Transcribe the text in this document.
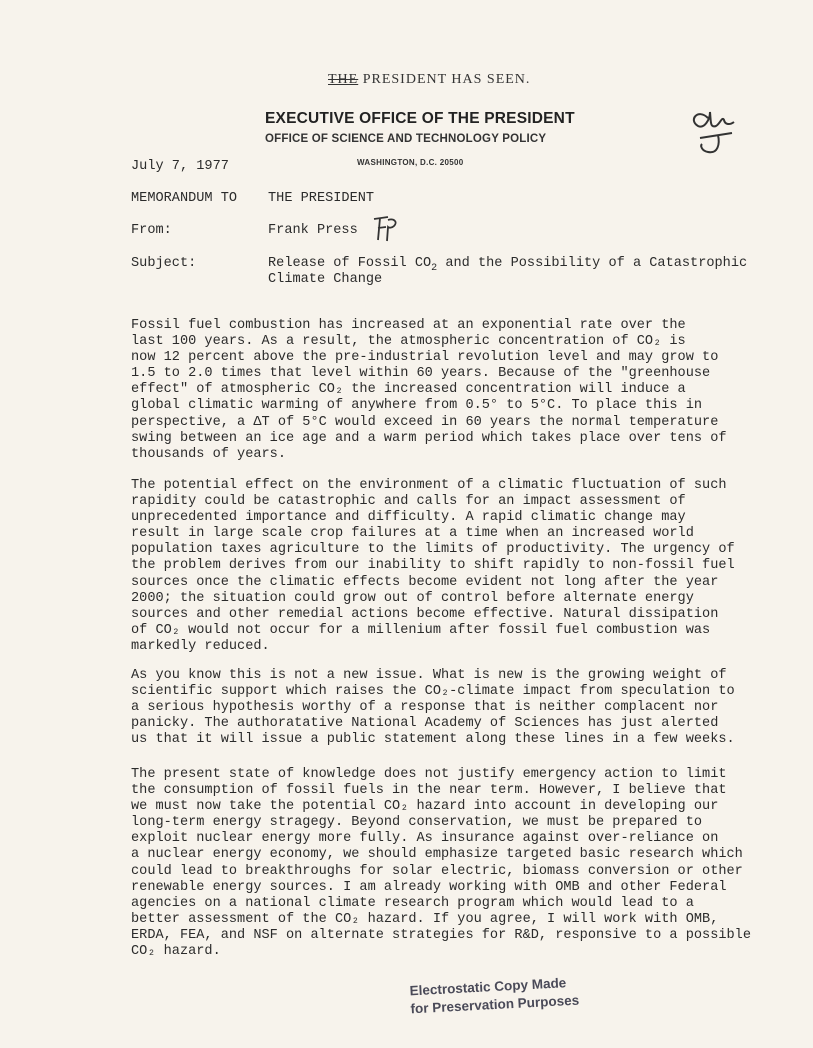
THE PRESIDENT HAS SEEN.
EXECUTIVE OFFICE OF THE PRESIDENT
OFFICE OF SCIENCE AND TECHNOLOGY POLICY
WASHINGTON, D.C. 20500
July 7, 1977
MEMORANDUM TO THE PRESIDENT
From:	Frank Press
Subject:	Release of Fossil $CO_2$ and the Possibility of a Catastrophic
Climate Change
Fossil fuel combustion has increased at an exponential rate over the
last 100 years. As a result, the atmospheric concentration of CO₂ is
now 12 percent above the pre-industrial revolution level and may grow to
1.5 to 2.0 times that level within 60 years. Because of the "greenhouse
effect" of atmospheric CO₂ the increased concentration will induce a
global climatic warming of anywhere from 0.5° to 5°C. To place this in
perspective, a ΔT of 5°C would exceed in 60 years the normal temperature
swing between an ice age and a warm period which takes place over tens of
thousands of years.
The potential effect on the environment of a climatic fluctuation of such
rapidity could be catastrophic and calls for an impact assessment of
unprecedented importance and difficulty. A rapid climatic change may
result in large scale crop failures at a time when an increased world
population taxes agriculture to the limits of productivity. The urgency of
the problem derives from our inability to shift rapidly to non-fossil fuel
sources once the climatic effects become evident not long after the year
2000; the situation could grow out of control before alternate energy
sources and other remedial actions become effective. Natural dissipation
of CO₂ would not occur for a millenium after fossil fuel combustion was
markedly reduced.
As you know this is not a new issue. What is new is the growing weight of
scientific support which raises the CO₂-climate impact from speculation to
a serious hypothesis worthy of a response that is neither complacent nor
panicky. The authoratative National Academy of Sciences has just alerted
us that it will issue a public statement along these lines in a few weeks.
The present state of knowledge does not justify emergency action to limit
the consumption of fossil fuels in the near term. However, I believe that
we must now take the potential CO₂ hazard into account in developing our
long-term energy stragegy. Beyond conservation, we must be prepared to
exploit nuclear energy more fully. As insurance against over-reliance on
a nuclear energy economy, we should emphasize targeted basic research which
could lead to breakthroughs for solar electric, biomass conversion or other
renewable energy sources. I am already working with OMB and other Federal
agencies on a national climate research program which would lead to a
better assessment of the CO₂ hazard. If you agree, I will work with OMB,
ERDA, FEA, and NSF on alternate strategies for R&D, responsive to a possible
CO₂ hazard.
Electrostatic Copy Made
for Preservation Purposes
